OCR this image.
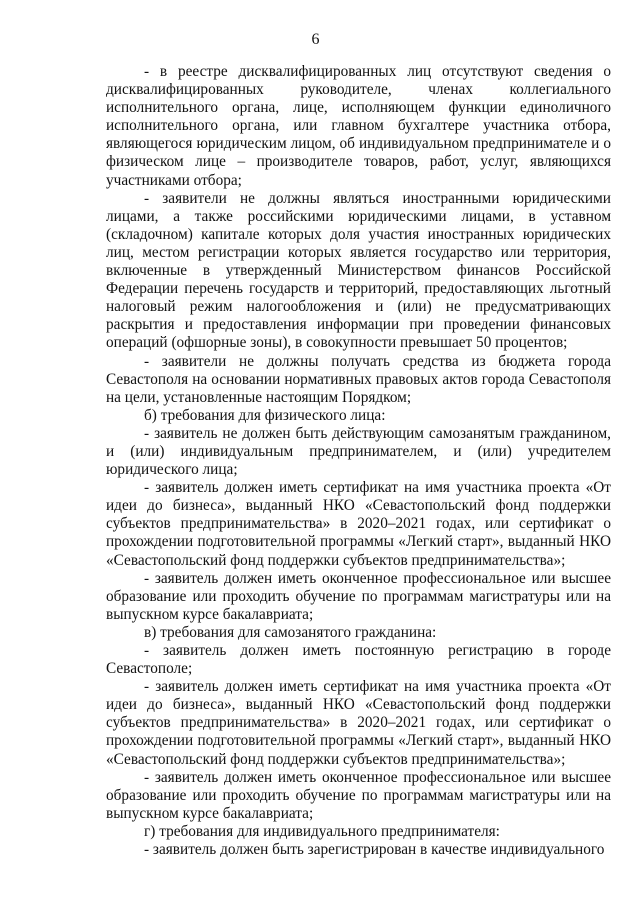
6

- в реестре дисквалифицированных лиц отсутствуют сведения о дисквалифицированных руководителе, членах коллегиального исполнительного органа, лице, исполняющем функции единоличного исполнительного органа, или главном бухгалтере участника отбора, являющегося юридическим лицом, об индивидуальном предпринимателе и о физическом лице – производителе товаров, работ, услуг, являющихся участниками отбора;

- заявители не должны являться иностранными юридическими лицами, а также российскими юридическими лицами, в уставном (складочном) капитале которых доля участия иностранных юридических лиц, местом регистрации которых является государство или территория, включенные в утвержденный Министерством финансов Российской Федерации перечень государств и территорий, предоставляющих льготный налоговый режим налогообложения и (или) не предусматривающих раскрытия и предоставления информации при проведении финансовых операций (офшорные зоны), в совокупности превышает 50 процентов;

- заявители не должны получать средства из бюджета города Севастополя на основании нормативных правовых актов города Севастополя на цели, установленные настоящим Порядком;

б) требования для физического лица:

- заявитель не должен быть действующим самозанятым гражданином, и (или) индивидуальным предпринимателем, и (или) учредителем юридического лица;

- заявитель должен иметь сертификат на имя участника проекта «От идеи до бизнеса», выданный НКО «Севастопольский фонд поддержки субъектов предпринимательства» в 2020–2021 годах, или сертификат о прохождении подготовительной программы «Легкий старт», выданный НКО «Севастопольский фонд поддержки субъектов предпринимательства»;

- заявитель должен иметь оконченное профессиональное или высшее образование или проходить обучение по программам магистратуры или на выпускном курсе бакалавриата;

в) требования для самозанятого гражданина:

- заявитель должен иметь постоянную регистрацию в городе Севастополе;

- заявитель должен иметь сертификат на имя участника проекта «От идеи до бизнеса», выданный НКО «Севастопольский фонд поддержки субъектов предпринимательства» в 2020–2021 годах, или сертификат о прохождении подготовительной программы «Легкий старт», выданный НКО «Севастопольский фонд поддержки субъектов предпринимательства»;

- заявитель должен иметь оконченное профессиональное или высшее образование или проходить обучение по программам магистратуры или на выпускном курсе бакалавриата;

г) требования для индивидуального предпринимателя:

- заявитель должен быть зарегистрирован в качестве индивидуального
